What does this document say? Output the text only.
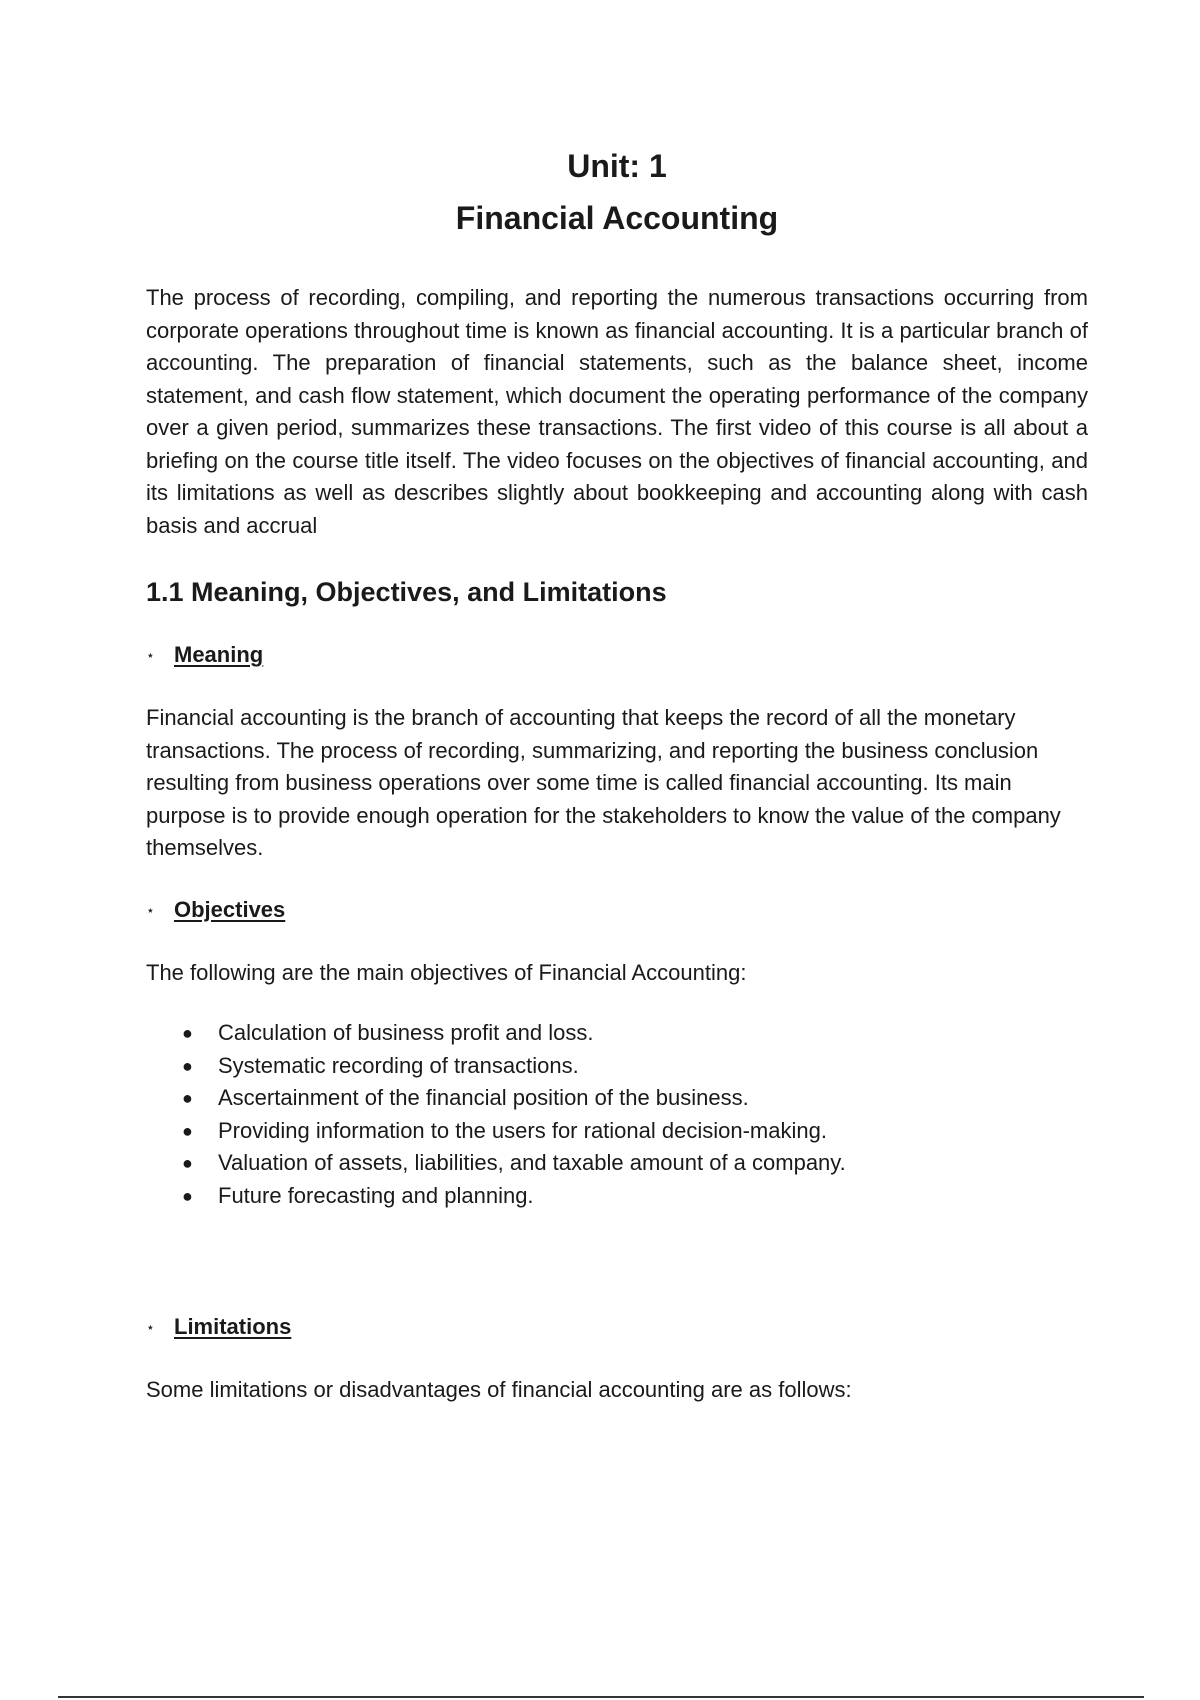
Unit: 1
Financial Accounting

The process of recording, compiling, and reporting the numerous transactions occurring from corporate operations throughout time is known as financial accounting. It is a particular branch of accounting. The preparation of financial statements, such as the balance sheet, income statement, and cash flow statement, which document the operating performance of the company over a given period, summarizes these transactions. The first video of this course is all about a briefing on the course title itself. The video focuses on the objectives of financial accounting, and its limitations as well as describes slightly about bookkeeping and accounting along with cash basis and accrual

1.1 Meaning, Objectives, and Limitations
⋆ Meaning

Financial accounting is the branch of accounting that keeps the record of all the monetary transactions. The process of recording, summarizing, and reporting the business conclusion resulting from business operations over some time is called financial accounting. Its main purpose is to provide enough operation for the stakeholders to know the value of the company themselves.

⋆ Objectives

The following are the main objectives of Financial Accounting:

●	Calculation of business profit and loss.
●	Systematic recording of transactions.
●	Ascertainment of the financial position of the business.
●	Providing information to the users for rational decision-making.
●	Valuation of assets, liabilities, and taxable amount of a company.
●	Future forecasting and planning.
⋆ Limitations

Some limitations or disadvantages of financial accounting are as follows:
